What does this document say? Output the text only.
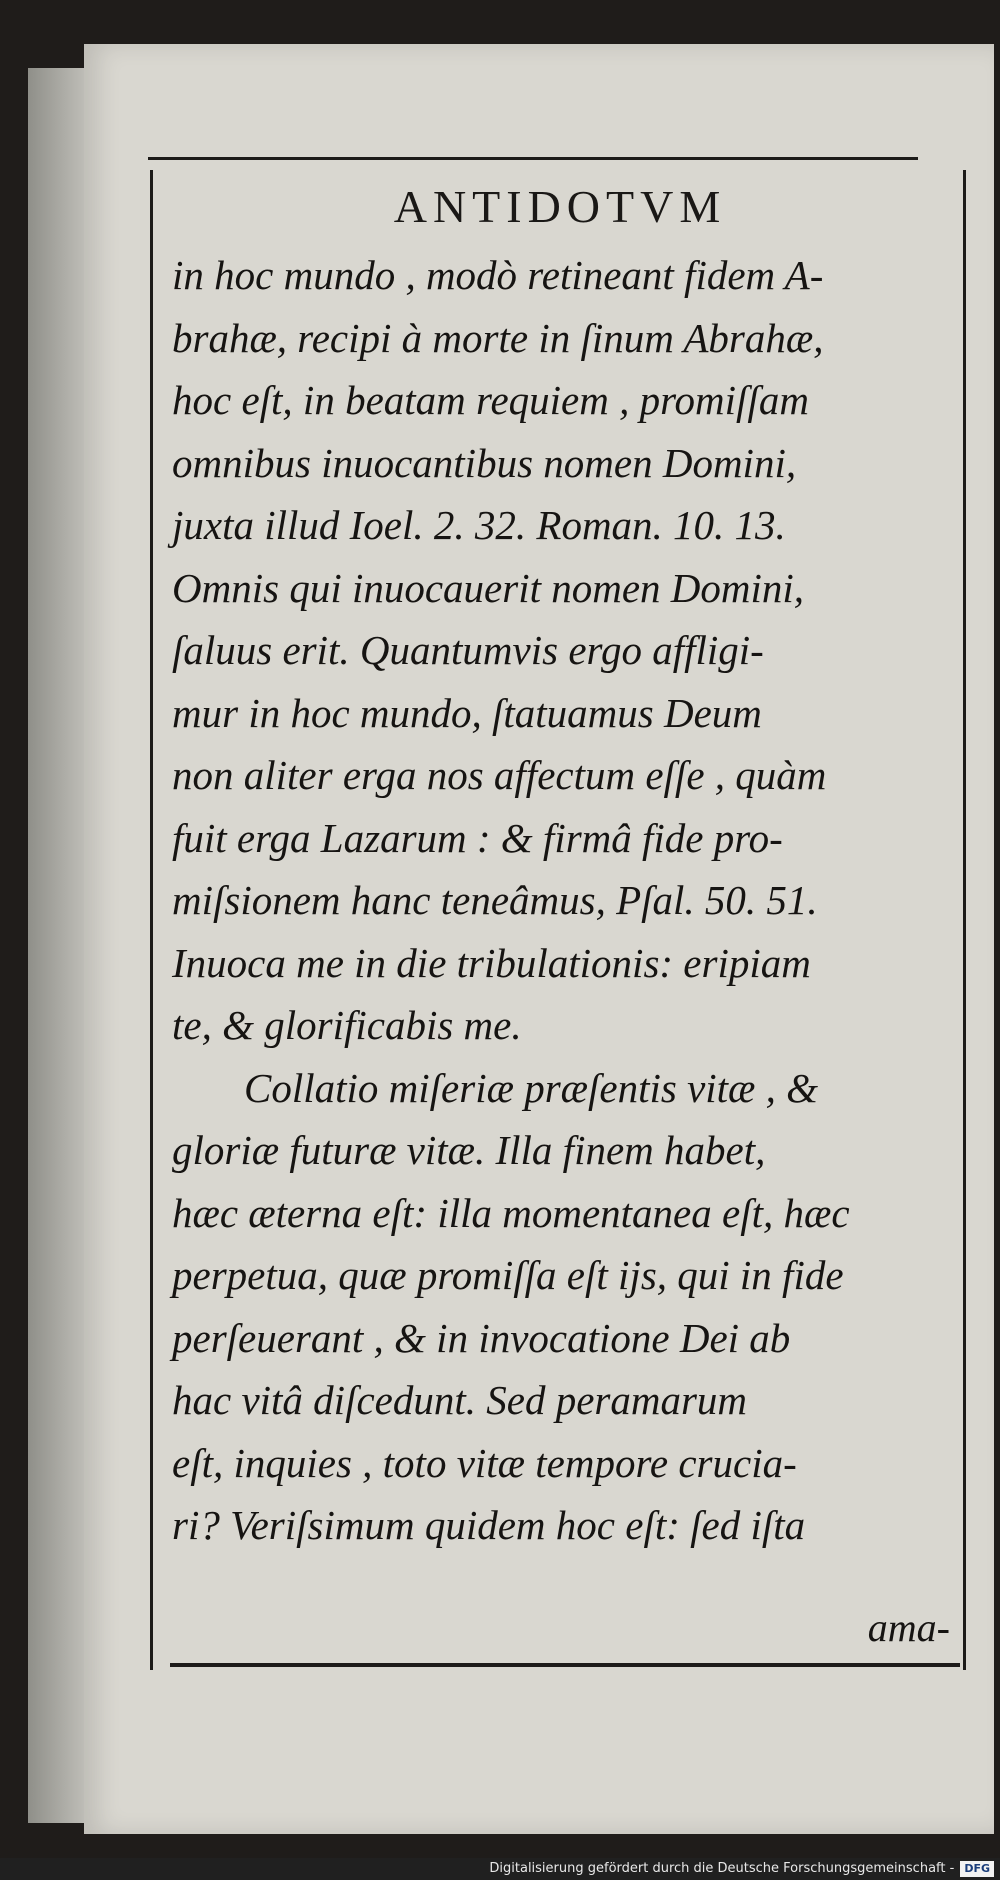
ANTIDOTVM
in hoc mundo , modò retineant fidem A-
brahæ, recipi à morte in ſinum Abrahæ,
hoc eſt, in beatam requiem , promiſſam
omnibus inuocantibus nomen Domini,
juxta illud Ioel. 2. 32. Roman. 10. 13.
Omnis qui inuocauerit nomen Domini,
ſaluus erit. Quantumvis ergo affligi-
mur in hoc mundo, ſtatuamus Deum
non aliter erga nos affectum eſſe , quàm
fuit erga Lazarum : & firmâ fide pro-
miſsionem hanc teneâmus, Pſal. 50. 51.
Inuoca me in die tribulationis: eripiam
te, & glorificabis me.
Collatio miſeriæ præſentis vitæ , &
gloriæ futuræ vitæ. Illa finem habet,
hæc æterna eſt: illa momentanea eſt, hæc
perpetua, quæ promiſſa eſt ijs, qui in fide
perſeuerant , & in invocatione Dei ab
hac vitâ diſcedunt. Sed peramarum
eſt, inquies , toto vitæ tempore crucia-
ri? Veriſsimum quidem hoc eſt: ſed iſta
ama-
Digitalisierung gefördert durch die Deutsche Forschungsgemeinschaft - DFG
